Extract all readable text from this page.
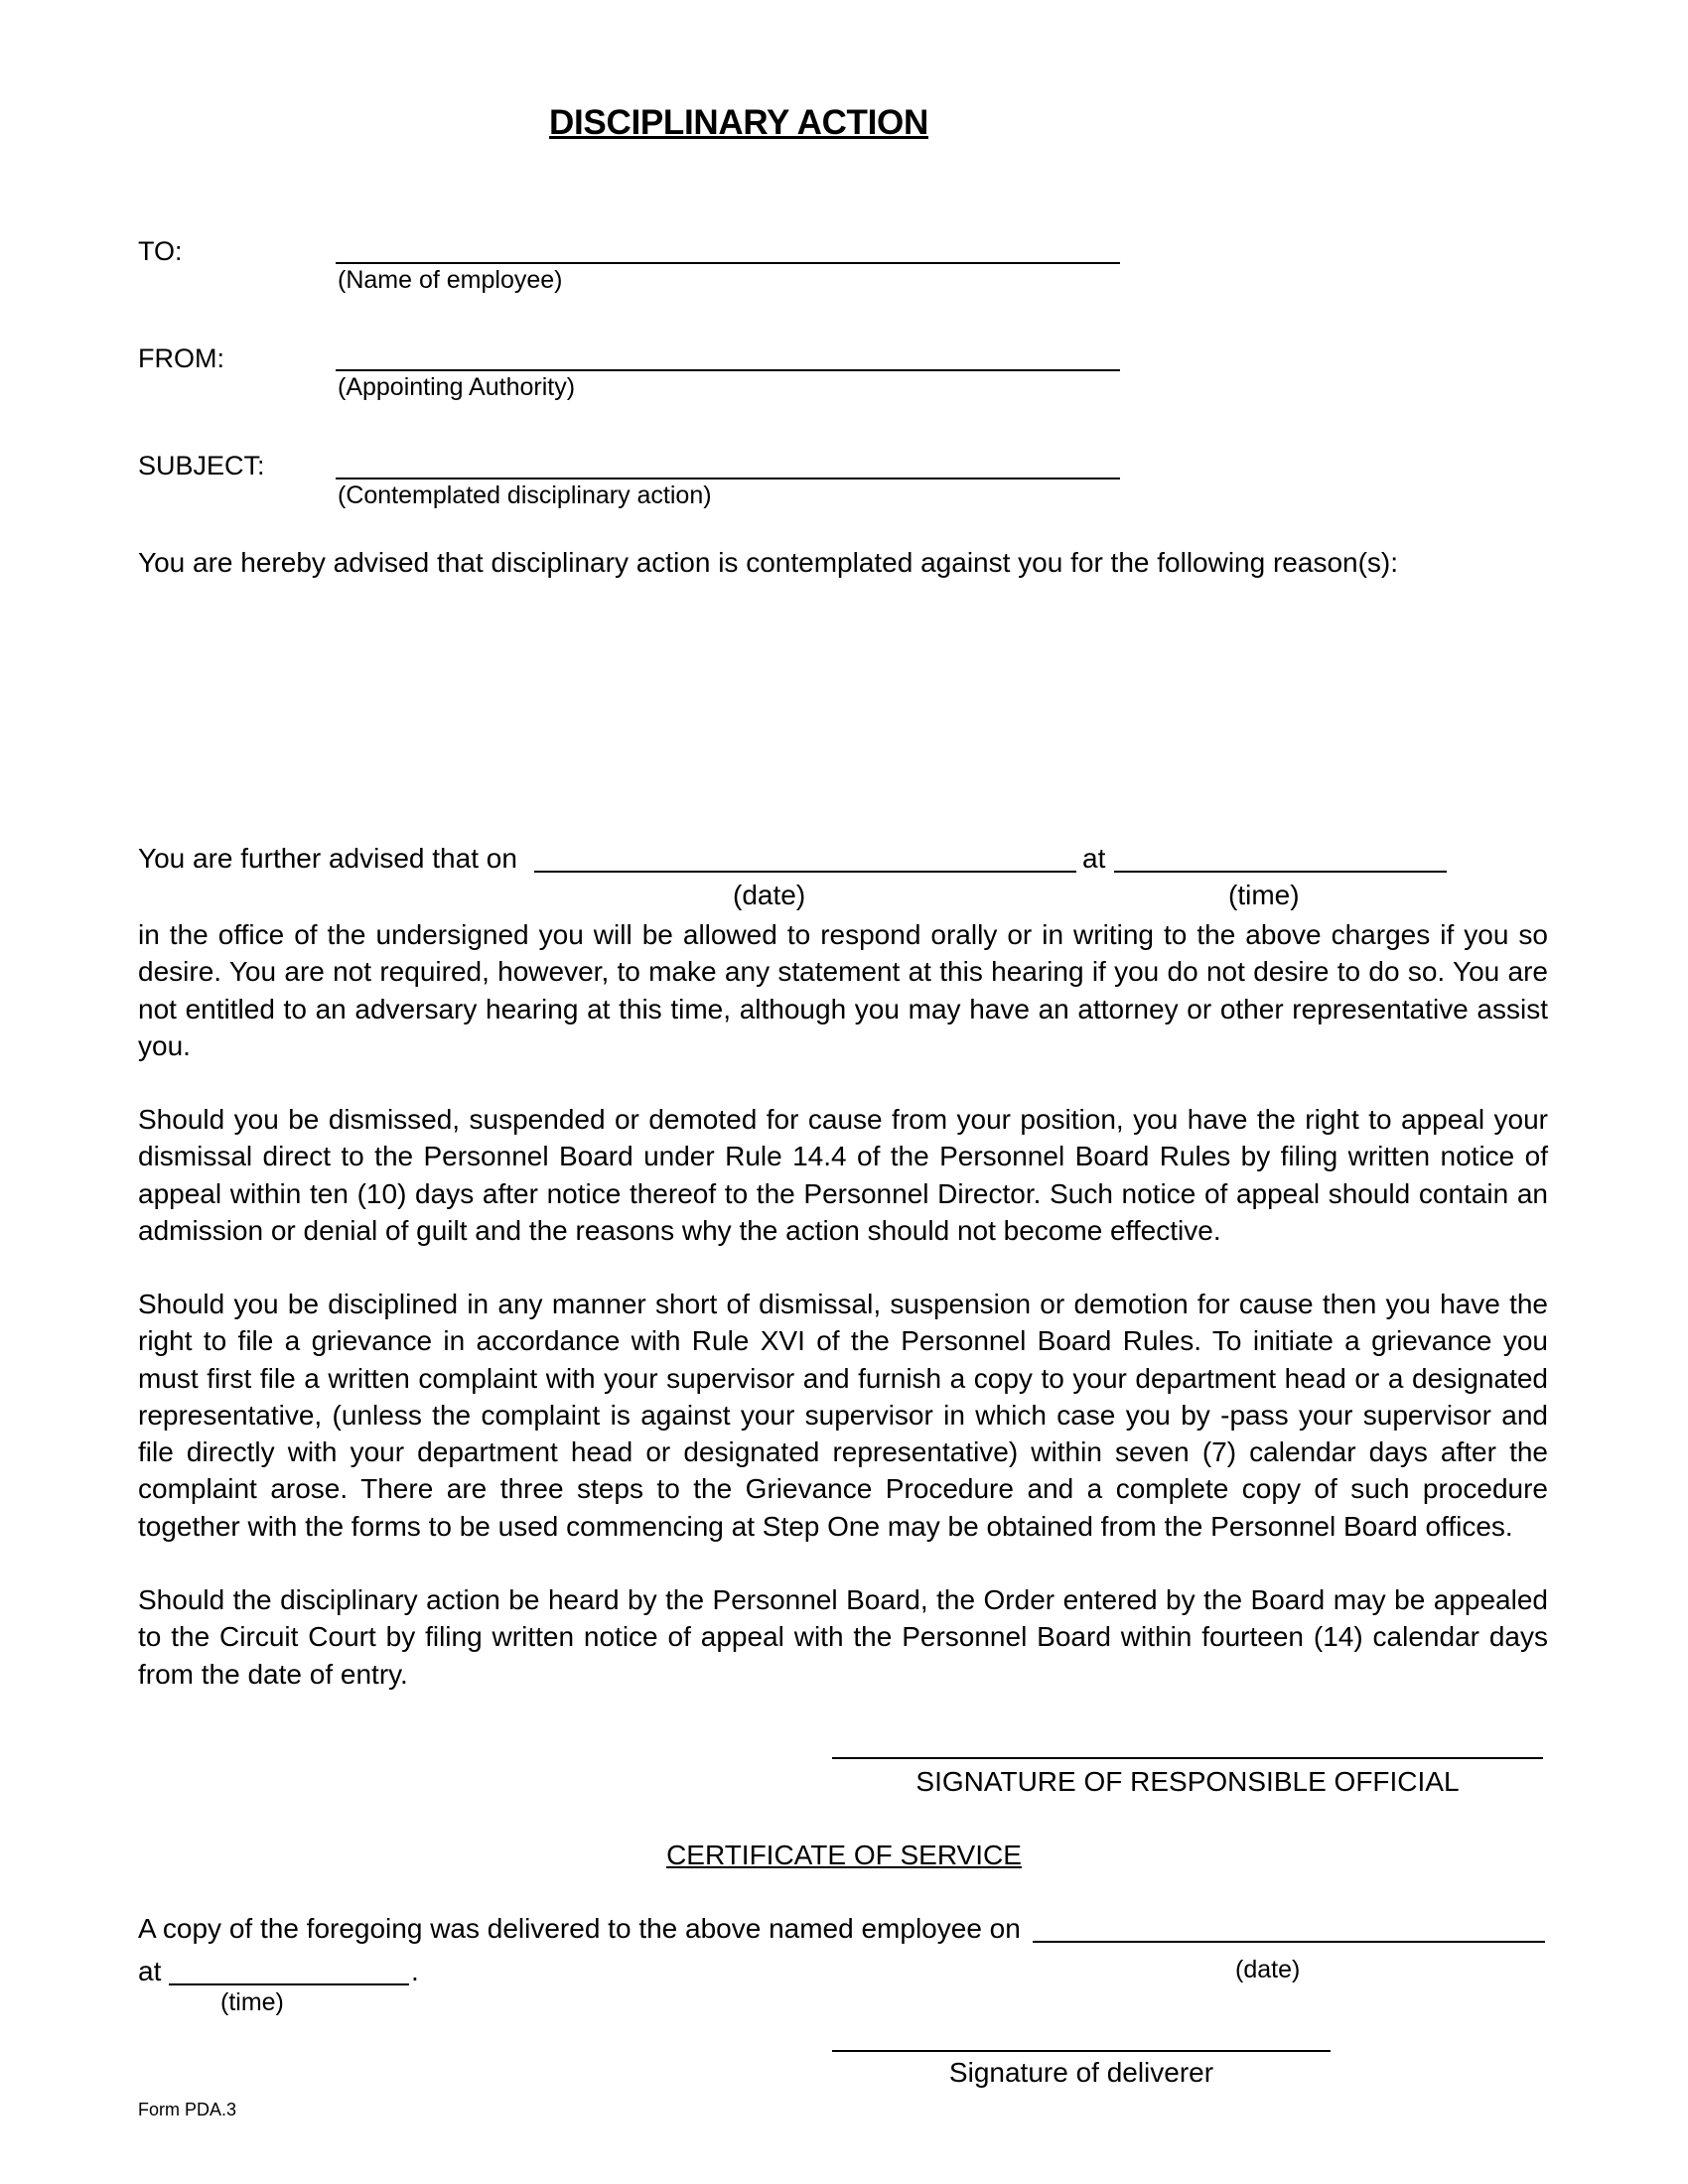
DISCIPLINARY ACTION
TO:
(Name of employee)
FROM:
(Appointing Authority)
SUBJECT:
(Contemplated disciplinary action)
You are hereby advised that disciplinary action is contemplated against you for the following reason(s):
You are further advised that on	at
(date)	(time)
in the office of the undersigned you will be allowed to respond orally or in writing to the above charges if you so desire. You are not required, however, to make any statement at this hearing if you do not desire to do so. You are not entitled to an adversary hearing at this time, although you may have an attorney or other representative assist you.
Should you be dismissed, suspended or demoted for cause from your position, you have the right to appeal your dismissal direct to the Personnel Board under Rule 14.4 of the Personnel Board Rules by filing written notice of appeal within ten (10) days after notice thereof to the Personnel Director. Such notice of appeal should contain an admission or denial of guilt and the reasons why the action should not become effective.
Should you be disciplined in any manner short of dismissal, suspension or demotion for cause then you have the right to file a grievance in accordance with Rule XVI of the Personnel Board Rules. To initiate a grievance you must first file a written complaint with your supervisor and furnish a copy to your department head or a designated representative, (unless the complaint is against your supervisor in which case you by -pass your supervisor and file directly with your department head or designated representative) within seven (7) calendar days after the complaint arose. There are three steps to the Grievance Procedure and a complete copy of such procedure together with the forms to be used commencing at Step One may be obtained from the Personnel Board offices.
Should the disciplinary action be heard by the Personnel Board, the Order entered by the Board may be appealed to the Circuit Court by filing written notice of appeal with the Personnel Board within fourteen (14) calendar days from the date of entry.
SIGNATURE OF RESPONSIBLE OFFICIAL
CERTIFICATE OF SERVICE
A copy of the foregoing was delivered to the above named employee on
(date)
at	.
(time)
Signature of deliverer
Form PDA.3
